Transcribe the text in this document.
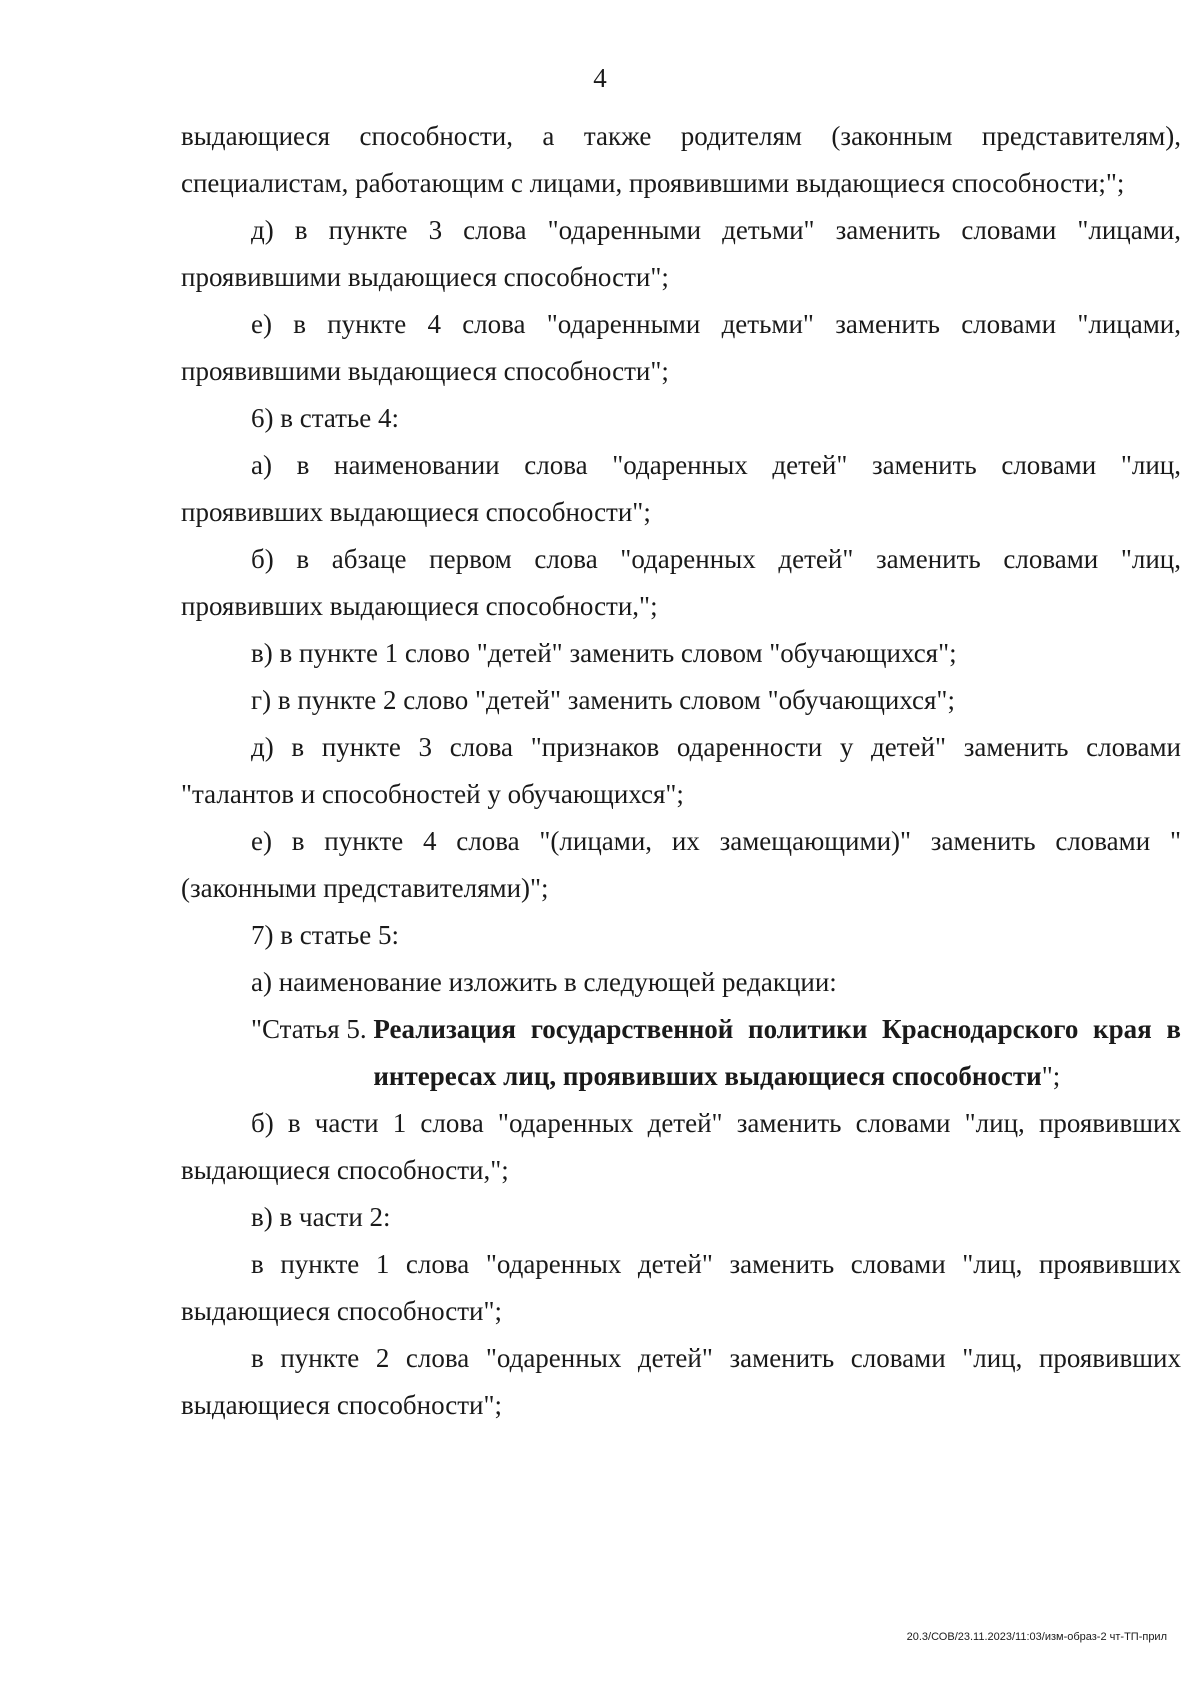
4

выдающиеся способности, а также родителям (законным представителям), специалистам, работающим с лицами, проявившими выдающиеся способности;";

д) в пункте 3 слова "одаренными детьми" заменить словами "лицами, проявившими выдающиеся способности";

е) в пункте 4 слова "одаренными детьми" заменить словами "лицами, проявившими выдающиеся способности";

6) в статье 4:

а) в наименовании слова "одаренных детей" заменить словами "лиц, проявивших выдающиеся способности";

б) в абзаце первом слова "одаренных детей" заменить словами "лиц, проявивших выдающиеся способности,";

в) в пункте 1 слово "детей" заменить словом "обучающихся";

г) в пункте 2 слово "детей" заменить словом "обучающихся";

д) в пункте 3 слова "признаков одаренности у детей" заменить словами "талантов и способностей у обучающихся";

е) в пункте 4 слова "(лицами, их замещающими)" заменить словами "(законными представителями)";

7) в статье 5:

а) наименование изложить в следующей редакции:

"Статья 5. Реализация государственной политики Краснодарского края в интересах лиц, проявивших выдающиеся способности";

б) в части 1 слова "одаренных детей" заменить словами "лиц, проявивших выдающиеся способности,";

в) в части 2:

в пункте 1 слова "одаренных детей" заменить словами "лиц, проявивших выдающиеся способности";

в пункте 2 слова "одаренных детей" заменить словами "лиц, проявивших выдающиеся способности";

20.3/СОВ/23.11.2023/11:03/изм-образ-2 чт-ТП-прил
